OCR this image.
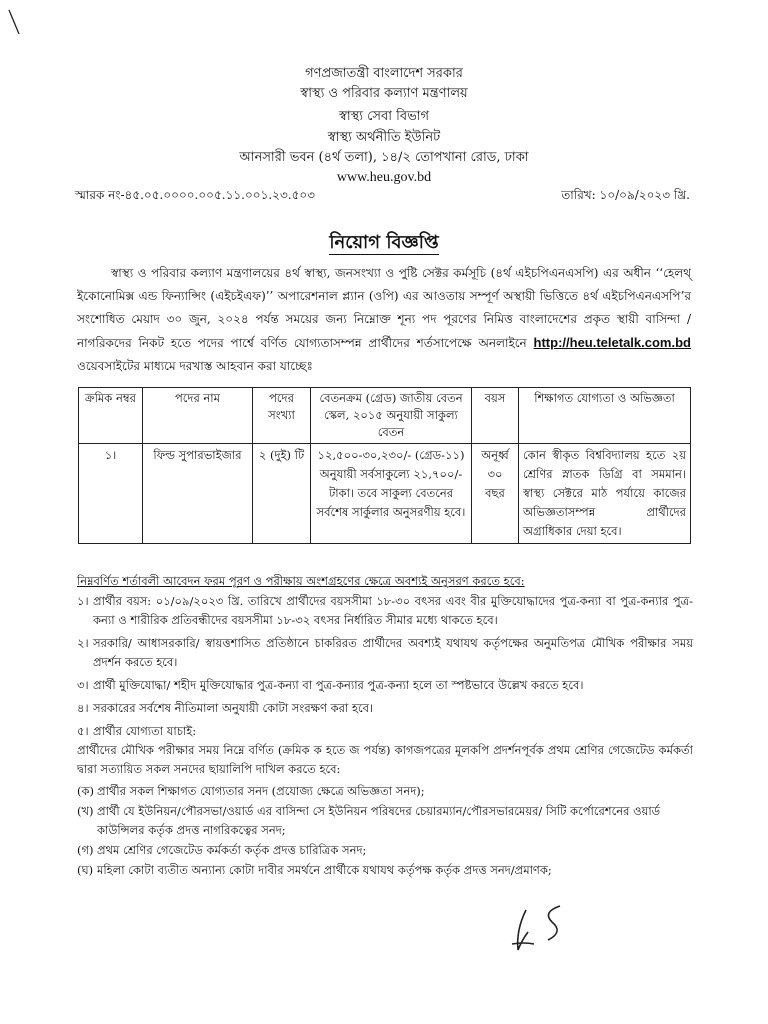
গণপ্রজাতন্ত্রী বাংলাদেশ সরকার
স্বাস্থ্য ও পরিবার কল্যাণ মন্ত্রণালয়
স্বাস্থ্য সেবা বিভাগ
স্বাস্থ্য অর্থনীতি ইউনিট
আনসারী ভবন (৪র্থ তলা), ১৪/২ তোপখানা রোড, ঢাকা
www.heu.gov.bd
স্মারক নং-৪৫.০৫.০০০০.০০৫.১১.০০১.২৩.৫০৩	তারিখ: ১০/০৯/২০২৩ খ্রি.
নিয়োগ বিজ্ঞপ্তি
স্বাস্থ্য ও পরিবার কল্যাণ মন্ত্রণালয়ের ৪র্থ স্বাস্থ্য, জনসংখ্যা ও পুষ্টি সেক্টর কর্মসূচি (৪র্থ এইচপিএনএসপি) এর অধীন ‘‘হেলথ্‌ ইকোনোমিক্স এন্ড ফিন্যান্সিং (এইচইএফ)’’ অপারেশনাল প্ল্যান (ওপি) এর আওতায় সম্পূর্ণ অস্থায়ী ভিত্তিতে ৪র্থ এইচপিএনএসপি’র সংশোধিত মেয়াদ ৩০ জুন, ২০২৪ পর্যন্ত সময়ের জন্য নিম্নোক্ত শূন্য পদ পূরণের নিমিত্ত বাংলাদেশের প্রকৃত স্থায়ী বাসিন্দা / নাগরিকদের নিকট হতে পদের পার্শ্বে বর্ণিত যোগ্যতাসম্পন্ন প্রার্থীদের শর্তসাপেক্ষে অনলাইনে http://heu.teletalk.com.bd ওয়েবসাইটের মাধ্যমে দরখাস্ত আহবান করা যাচ্ছেঃ
ক্রমিক নম্বর	পদের নাম	পদের সংখ্যা	বেতনক্রম (গ্রেড) জাতীয় বেতন স্কেল, ২০১৫ অনুযায়ী সাকুল্য বেতন	বয়স	শিক্ষাগত যোগ্যতা ও অভিজ্ঞতা
১।	ফিল্ড সুপারভাইজার	২ (দুই) টি	১২,৫০০-৩০,২৩০/- (গ্রেড-১১) অনুযায়ী সর্বসাকুল্যে ২১,৭০০/- টাকা। তবে সাকুল্য বেতনের সর্বশেষ সার্কুলার অনুসরণীয় হবে।	অনূর্ধ্ব ৩০ বছর	কোন স্বীকৃত বিশ্ববিদ্যালয় হতে ২য় শ্রেণির স্নাতক ডিগ্রি বা সমমান। স্বাস্থ্য সেক্টরে মাঠ পর্যায়ে কাজের অভিজ্ঞতাসম্পন্ন প্রার্থীদের অগ্রাধিকার দেয়া হবে।
নিম্নবর্ণিত শর্তাবলী আবেদন ফরম পূরণ ও পরীক্ষায় অংশগ্রহণের ক্ষেত্রে অবশ্যই অনুসরণ করতে হবে:
১। প্রার্থীর বয়স: ০১/০৯/২০২৩ খ্রি. তারিখে প্রার্থীদের বয়সসীমা ১৮-৩০ বৎসর এবং বীর মুক্তিযোদ্ধাদের পুত্র-কন্যা বা পুত্র-কন্যার পুত্র-কন্যা ও শারীরিক প্রতিবন্ধীদের বয়সসীমা ১৮-৩২ বৎসর নির্ধারিত সীমার মধ্যে থাকতে হবে।
২। সরকারি/ আধাসরকারি/ স্বায়ত্তশাসিত প্রতিষ্ঠানে চাকরিরত প্রার্থীদের অবশ্যই যথাযথ কর্তৃপক্ষের অনুমতিপত্র মৌখিক পরীক্ষার সময় প্রদর্শন করতে হবে।
৩। প্রার্থী মুক্তিযোদ্ধা/ শহীদ মুক্তিযোদ্ধার পুত্র-কন্যা বা পুত্র-কন্যার পুত্র-কন্যা হলে তা স্পষ্টভাবে উল্লেখ করতে হবে।
৪। সরকারের সর্বশেষ নীতিমালা অনুযায়ী কোটা সংরক্ষণ করা হবে।
৫। প্রার্থীর যোগ্যতা যাচাই:
প্রার্থীদের মৌখিক পরীক্ষার সময় নিম্নে বর্ণিত (ক্রমিক ক হতে জ পর্যন্ত) কাগজপত্রের মূলকপি প্রদর্শনপূর্বক প্রথম শ্রেণির গেজেটেড কর্মকর্তা দ্বারা সত্যায়িত সকল সনদের ছায়ালিপি দাখিল করতে হবে:
(ক) প্রার্থীর সকল শিক্ষাগত যোগ্যতার সনদ (প্রযোজ্য ক্ষেত্রে অভিজ্ঞতা সনদ);
(খ) প্রার্থী যে ইউনিয়ন/পৌরসভা/ওয়ার্ড এর বাসিন্দা সে ইউনিয়ন পরিষদের চেয়ারম্যান/পৌরসভারমেয়র/ সিটি কর্পোরেশনের ওয়ার্ড কাউন্সিলর কর্তৃক প্রদত্ত নাগরিকত্বের সনদ;
(গ) প্রথম শ্রেণির গেজেটেড কর্মকর্তা কর্তৃক প্রদত্ত চারিত্রিক সনদ;
(ঘ) মহিলা কোটা ব্যতীত অন্যান্য কোটা দাবীর সমর্থনে প্রার্থীকে যথাযথ কর্তৃপক্ষ কর্তৃক প্রদত্ত সনদ/প্রমাণক;
